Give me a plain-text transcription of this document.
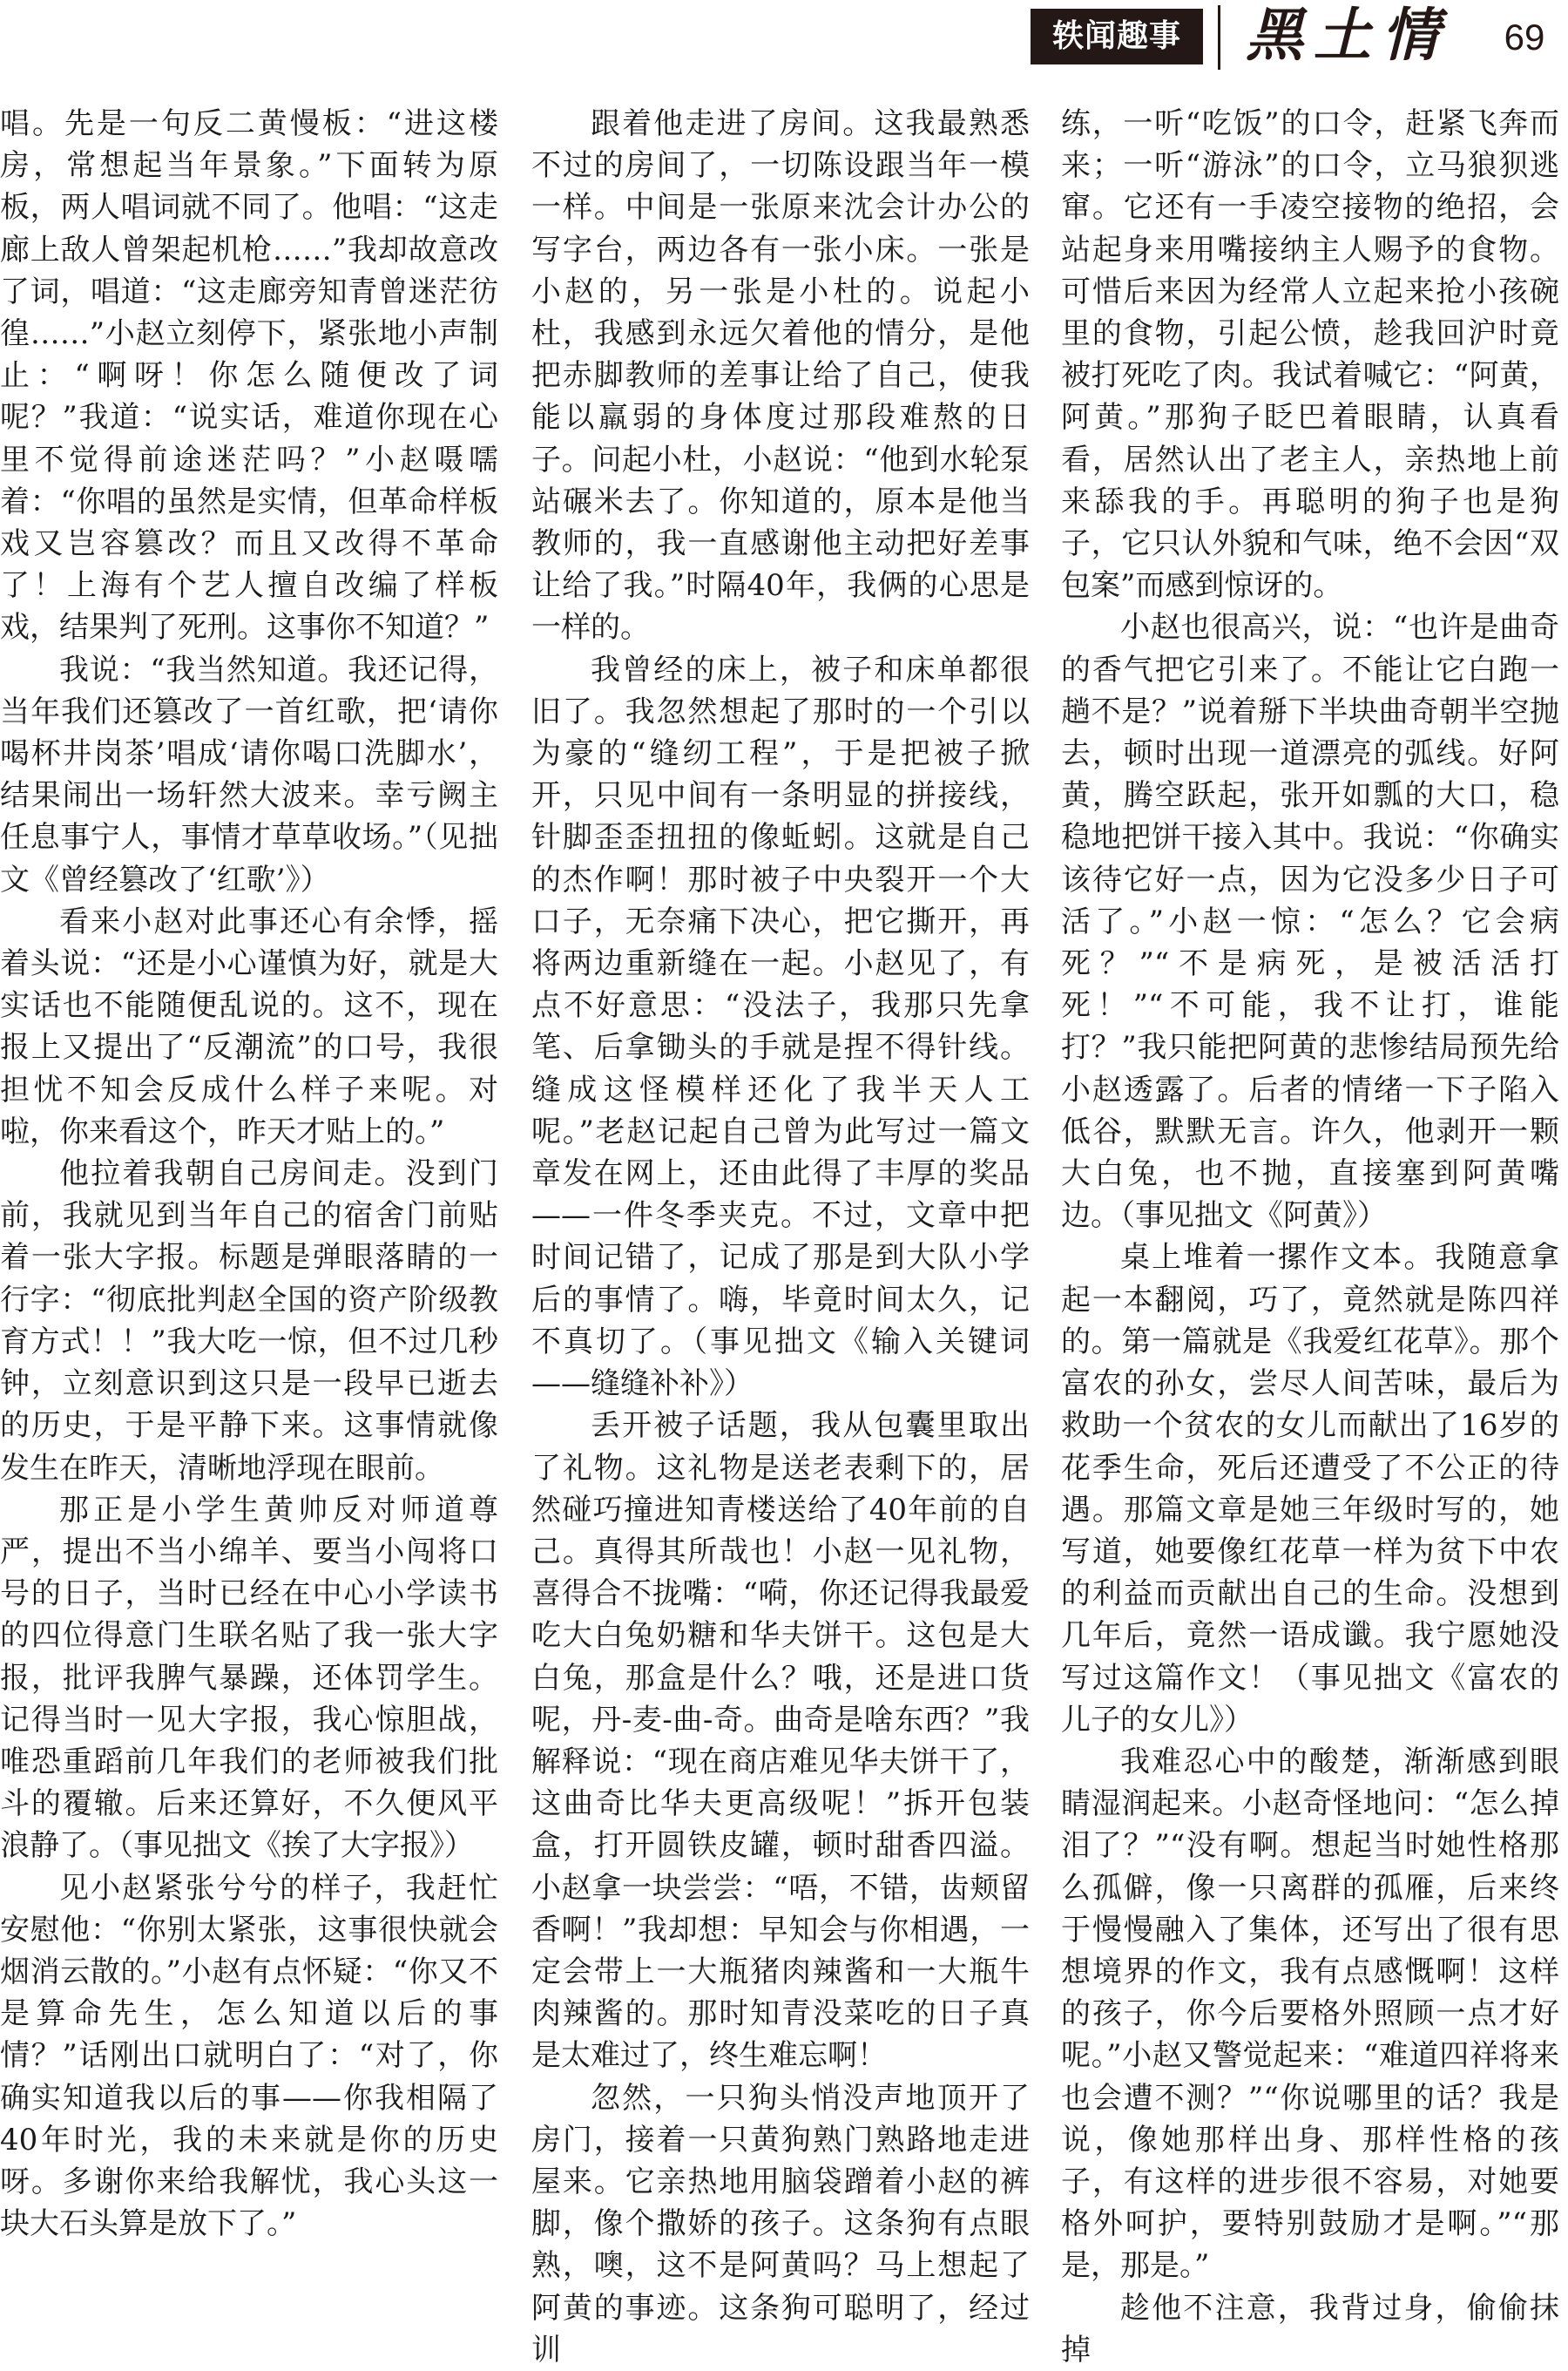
轶闻趣事	黑土情	69

唱。先是一句反二黄慢板：“进这楼房，常想起当年景象。”下面转为原板，两人唱词就不同了。他唱：“这走廊上敌人曾架起机枪……”我却故意改了词，唱道：“这走廊旁知青曾迷茫彷徨……”小赵立刻停下，紧张地小声制止：“啊呀！你怎么随便改了词呢？”我道：“说实话，难道你现在心里不觉得前途迷茫吗？”小赵嗫嚅着：“你唱的虽然是实情，但革命样板戏又岂容篡改？而且又改得不革命了！上海有个艺人擅自改编了样板戏，结果判了死刑。这事你不知道？”

我说：“我当然知道。我还记得，当年我们还篡改了一首红歌，把‘请你喝杯井岗茶’唱成‘请你喝口洗脚水’，结果闹出一场轩然大波来。幸亏阙主任息事宁人，事情才草草收场。”（见拙文《曾经篡改了‘红歌’》）

看来小赵对此事还心有余悸，摇着头说：“还是小心谨慎为好，就是大实话也不能随便乱说的。这不，现在报上又提出了“反潮流”的口号，我很担忧不知会反成什么样子来呢。对啦，你来看这个，昨天才贴上的。”

他拉着我朝自己房间走。没到门前，我就见到当年自己的宿舍门前贴着一张大字报。标题是弹眼落睛的一行字：“彻底批判赵全国的资产阶级教育方式！！”我大吃一惊，但不过几秒钟，立刻意识到这只是一段早已逝去的历史，于是平静下来。这事情就像发生在昨天，清晰地浮现在眼前。

那正是小学生黄帅反对师道尊严，提出不当小绵羊、要当小闯将口号的日子，当时已经在中心小学读书的四位得意门生联名贴了我一张大字报，批评我脾气暴躁，还体罚学生。记得当时一见大字报，我心惊胆战，唯恐重蹈前几年我们的老师被我们批斗的覆辙。后来还算好，不久便风平浪静了。（事见拙文《挨了大字报》）

见小赵紧张兮兮的样子，我赶忙安慰他：“你别太紧张，这事很快就会烟消云散的。”小赵有点怀疑：“你又不是算命先生，怎么知道以后的事情？”话刚出口就明白了：“对了，你确实知道我以后的事——你我相隔了40年时光，我的未来就是你的历史呀。多谢你来给我解忧，我心头这一块大石头算是放下了。”

跟着他走进了房间。这我最熟悉不过的房间了，一切陈设跟当年一模一样。中间是一张原来沈会计办公的写字台，两边各有一张小床。一张是小赵的，另一张是小杜的。说起小杜，我感到永远欠着他的情分，是他把赤脚教师的差事让给了自己，使我能以羸弱的身体度过那段难熬的日子。问起小杜，小赵说：“他到水轮泵站碾米去了。你知道的，原本是他当教师的，我一直感谢他主动把好差事让给了我。”时隔40年，我俩的心思是一样的。

我曾经的床上，被子和床单都很旧了。我忽然想起了那时的一个引以为豪的“缝纫工程”，于是把被子掀开，只见中间有一条明显的拼接线，针脚歪歪扭扭的像蚯蚓。这就是自己的杰作啊！那时被子中央裂开一个大口子，无奈痛下决心，把它撕开，再将两边重新缝在一起。小赵见了，有点不好意思：“没法子，我那只先拿笔、后拿锄头的手就是捏不得针线。缝成这怪模样还化了我半天人工呢。”老赵记起自己曾为此写过一篇文章发在网上，还由此得了丰厚的奖品——一件冬季夹克。不过，文章中把时间记错了，记成了那是到大队小学后的事情了。嗨，毕竟时间太久，记不真切了。（事见拙文《输入关键词——缝缝补补》）

丢开被子话题，我从包囊里取出了礼物。这礼物是送老表剩下的，居然碰巧撞进知青楼送给了40年前的自己。真得其所哉也！小赵一见礼物，喜得合不拢嘴：“嗬，你还记得我最爱吃大白兔奶糖和华夫饼干。这包是大白兔，那盒是什么？哦，还是进口货呢，丹-麦-曲-奇。曲奇是啥东西？”我解释说：“现在商店难见华夫饼干了，这曲奇比华夫更高级呢！”拆开包装盒，打开圆铁皮罐，顿时甜香四溢。小赵拿一块尝尝：“唔，不错，齿颊留香啊！”我却想：早知会与你相遇，一定会带上一大瓶猪肉辣酱和一大瓶牛肉辣酱的。那时知青没菜吃的日子真是太难过了，终生难忘啊！

忽然，一只狗头悄没声地顶开了房门，接着一只黄狗熟门熟路地走进屋来。它亲热地用脑袋蹭着小赵的裤脚，像个撒娇的孩子。这条狗有点眼熟，噢，这不是阿黄吗？马上想起了阿黄的事迹。这条狗可聪明了，经过训

练，一听“吃饭”的口令，赶紧飞奔而来；一听“游泳”的口令，立马狼狈逃窜。它还有一手凌空接物的绝招，会站起身来用嘴接纳主人赐予的食物。可惜后来因为经常人立起来抢小孩碗里的食物，引起公愤，趁我回沪时竟被打死吃了肉。我试着喊它：“阿黄，阿黄。”那狗子眨巴着眼睛，认真看看，居然认出了老主人，亲热地上前来舔我的手。再聪明的狗子也是狗子，它只认外貌和气味，绝不会因“双包案”而感到惊讶的。

小赵也很高兴，说：“也许是曲奇的香气把它引来了。不能让它白跑一趟不是？”说着掰下半块曲奇朝半空抛去，顿时出现一道漂亮的弧线。好阿黄，腾空跃起，张开如瓢的大口，稳稳地把饼干接入其中。我说：“你确实该待它好一点，因为它没多少日子可活了。”小赵一惊：“怎么？它会病死？”“不是病死，是被活活打死！”“不可能，我不让打，谁能打？”我只能把阿黄的悲惨结局预先给小赵透露了。后者的情绪一下子陷入低谷，默默无言。许久，他剥开一颗大白兔，也不抛，直接塞到阿黄嘴边。（事见拙文《阿黄》）

桌上堆着一摞作文本。我随意拿起一本翻阅，巧了，竟然就是陈四祥的。第一篇就是《我爱红花草》。那个富农的孙女，尝尽人间苦味，最后为救助一个贫农的女儿而献出了16岁的花季生命，死后还遭受了不公正的待遇。那篇文章是她三年级时写的，她写道，她要像红花草一样为贫下中农的利益而贡献出自己的生命。没想到几年后，竟然一语成谶。我宁愿她没写过这篇作文！（事见拙文《富农的儿子的女儿》）

我难忍心中的酸楚，渐渐感到眼睛湿润起来。小赵奇怪地问：“怎么掉泪了？”“没有啊。想起当时她性格那么孤僻，像一只离群的孤雁，后来终于慢慢融入了集体，还写出了很有思想境界的作文，我有点感慨啊！这样的孩子，你今后要格外照顾一点才好呢。”小赵又警觉起来：“难道四祥将来也会遭不测？”“你说哪里的话？我是说，像她那样出身、那样性格的孩子，有这样的进步很不容易，对她要格外呵护，要特别鼓励才是啊。”“那是，那是。”

趁他不注意，我背过身，偷偷抹掉
